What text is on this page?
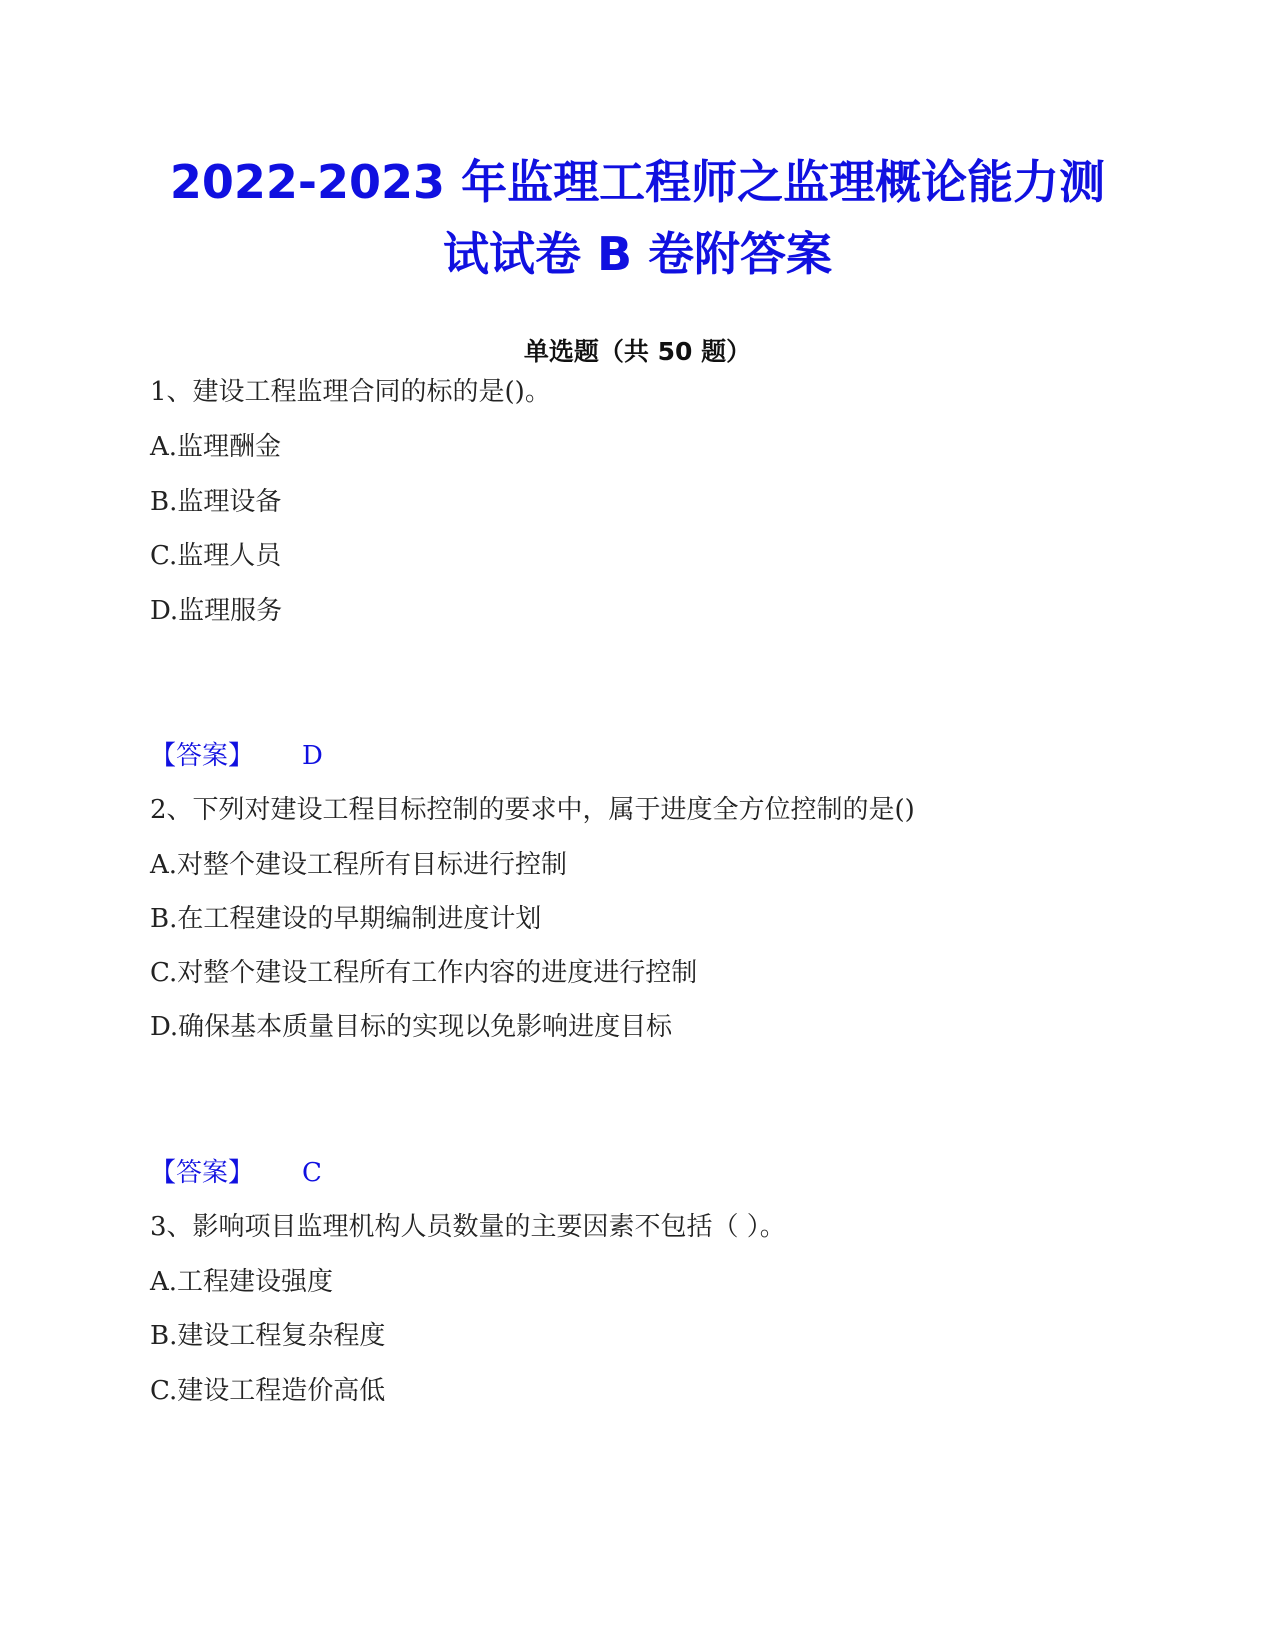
2022-2023 年监理工程师之监理概论能力测
试试卷 B 卷附答案
单选题（共 50 题）
1、建设工程监理合同的标的是()。
A.监理酬金
B.监理设备
C.监理人员
D.监理服务
【答案】 D
2、下列对建设工程目标控制的要求中，属于进度全方位控制的是()
A.对整个建设工程所有目标进行控制
B.在工程建设的早期编制进度计划
C.对整个建设工程所有工作内容的进度进行控制
D.确保基本质量目标的实现以免影响进度目标
【答案】 C
3、影响项目监理机构人员数量的主要因素不包括（ ）。
A.工程建设强度
B.建设工程复杂程度
C.建设工程造价高低
